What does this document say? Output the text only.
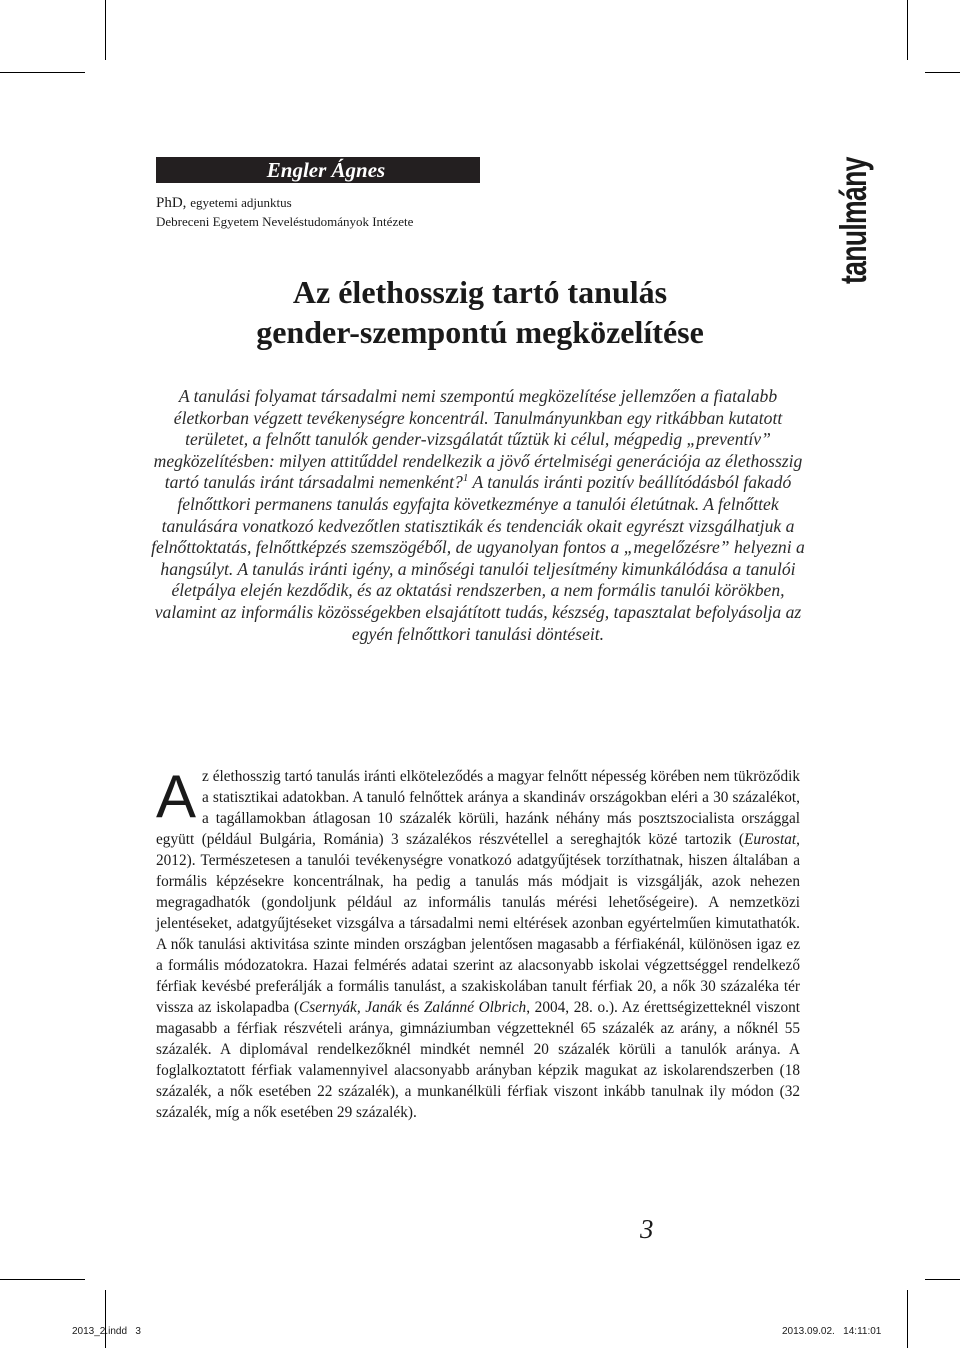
Engler Ágnes
PhD, egyetemi adjunktus
Debreceni Egyetem Neveléstudományok Intézete	tanulmány
Az élethosszig tartó tanulás
gender-szempontú megközelítése
A tanulási folyamat társadalmi nemi szempontú megközelítése jellemzően a fiatalabb életkorban végzett tevékenységre koncentrál. Tanulmányunkban egy ritkábban kutatott területet, a felnőtt tanulók gender-vizsgálatát tűztük ki célul, mégpedig „preventív” megközelítésben: milyen attitűddel rendelkezik a jövő értelmiségi generációja az élethosszig tartó tanulás iránt társadalmi nemenként?$^1$ A tanulás iránti pozitív beállítódásból fakadó felnőttkori permanens tanulás egyfajta következménye a tanulói életútnak. A felnőttek tanulására vonatkozó kedvezőtlen statisztikák és tendenciák okait egyrészt vizsgálhatjuk a felnőttoktatás, felnőttképzés szemszögéből, de ugyanolyan fontos a „megelőzésre” helyezni a hangsúlyt. A tanulás iránti igény, a minőségi tanulói teljesítmény kimunkálódása a tanulói életpálya elején kezdődik, és az oktatási rendszerben, a nem formális tanulói körökben, valamint az informális közösségekben elsajátított tudás, készség, tapasztalat befolyásolja az egyén felnőttkori tanulási döntéseit.
Az élethosszig tartó tanulás iránti elköteleződés a magyar felnőtt népesség körében nem tükröződik a statisztikai adatokban. A tanuló felnőttek aránya a skandináv országokban eléri a 30 százalékot, a tagállamokban átlagosan 10 százalék körüli, hazánk néhány más posztszocialista országgal együtt (például Bulgária, Románia) 3 százalékos részvétellel a sereghajtók közé tartozik (Eurostat, 2012). Természetesen a tanulói tevékenységre vonatkozó adatgyűjtések torzíthatnak, hiszen általában a formális képzésekre koncentrálnak, ha pedig a tanulás más módjait is vizsgálják, azok nehezen megragadhatók (gondoljunk például az informális tanulás mérési lehetőségeire). A nemzetközi jelentéseket, adatgyűjtéseket vizsgálva a társadalmi nemi eltérések azonban egyértelműen kimutathatók. A nők tanulási aktivitása szinte minden országban jelentősen magasabb a férfiakénál, különösen igaz ez a formális módozatokra. Hazai felmérés adatai szerint az alacsonyabb iskolai végzettséggel rendelkező férfiak kevésbé preferálják a formális tanulást, a szakiskolában tanult férfiak 20, a nők 30 százaléka tér vissza az iskolapadba (Csernyák, Janák és Zalánné Olbrich, 2004, 28. o.). Az érettségizetteknél viszont magasabb a férfiak részvételi aránya, gimnáziumban végzetteknél 65 százalék az arány, a nőknél 55 százalék. A diplomával rendelkezőknél mindkét nemnél 20 százalék körüli a tanulók aránya. A foglalkoztatott férfiak valamennyivel alacsonyabb arányban képzik magukat az iskolarendszerben (18 százalék, a nők esetében 22 százalék), a munkanélküli férfiak viszont inkább tanulnak ily módon (32 százalék, míg a nők esetében 29 százalék).
3
2013_2.indd   3	2013.09.02.   14:11:01
